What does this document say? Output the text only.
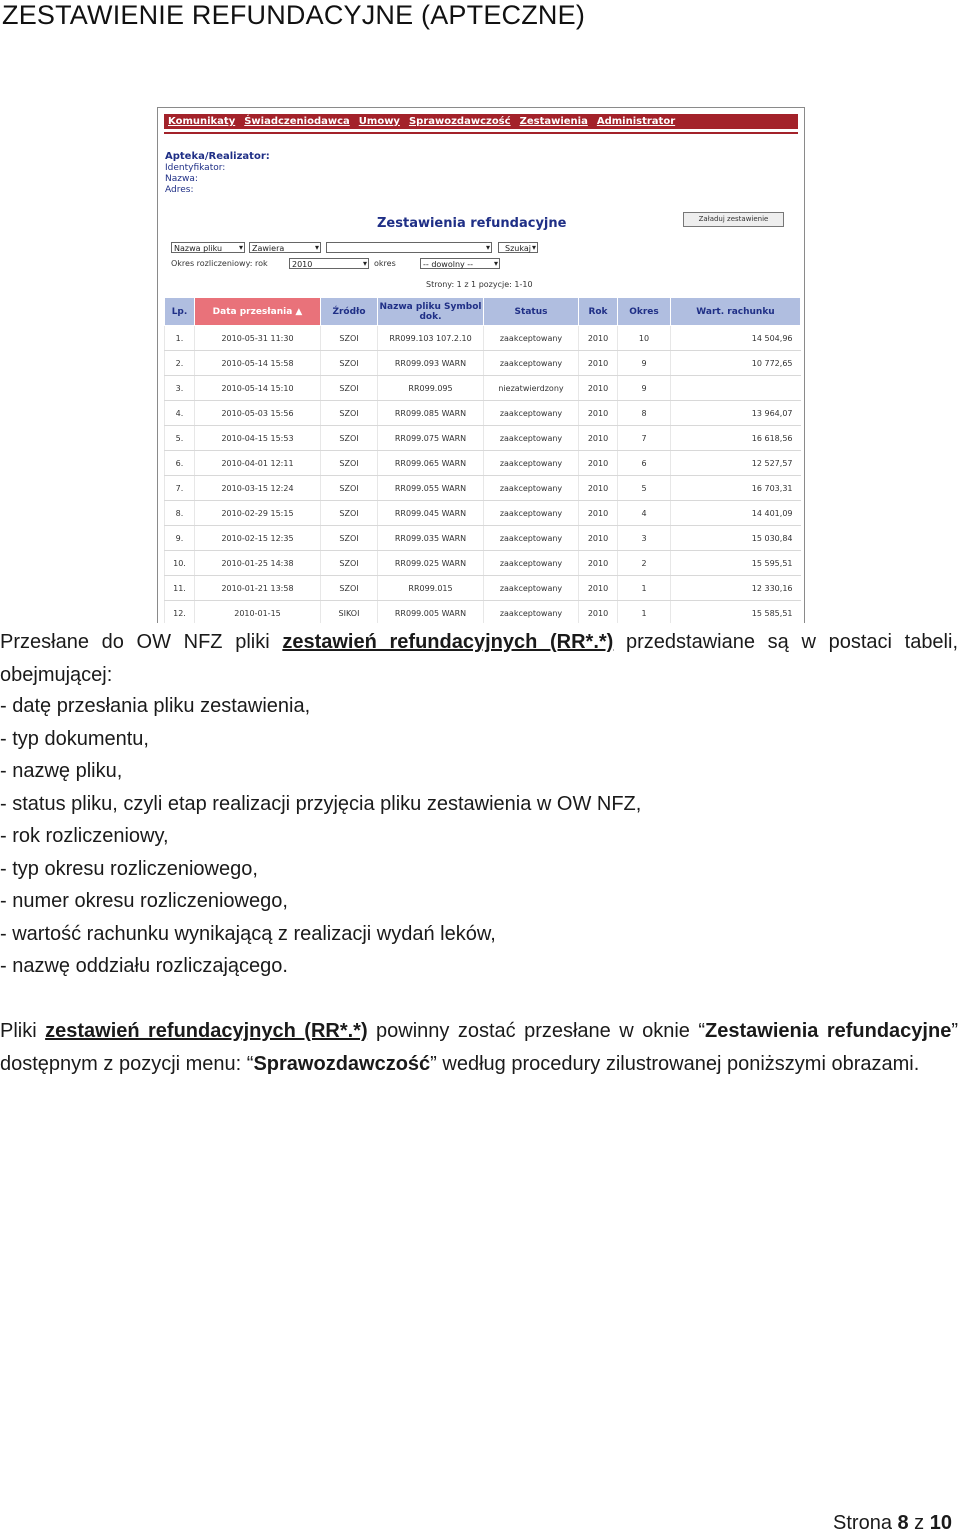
ZESTAWIENIE REFUNDACYJNE (APTECZNE)
Komunikaty Świadczeniodawca Umowy Sprawozdawczość Zestawienia Administrator
Apteka/Realizator:
Identyfikator:
Nazwa:
Adres:
Zestawienia refundacyjne	Załaduj zestawienie
Nazwa pliku ▾	Zawiera ▾ ▾	Szukaj ▾
Okres rozliczeniowy: rok	2010 ▾	okres	-- dowolny -- ▾
Strony: 1 z 1 pozycje: 1-10
Lp.	Data przesłania ▲	Źródło	Nazwa pliku Symbol dok.	Status	Rok	Okres	Wart. rachunku
1.	2010-05-31 11:30	SZOI	RR099.103 107.2.10	zaakceptowany	2010	10	14 504,96
2.	2010-05-14 15:58	SZOI	RR099.093 WARN	zaakceptowany	2010	9	10 772,65
3.	2010-05-14 15:10	SZOI	RR099.095	niezatwierdzony	2010	9	
4.	2010-05-03 15:56	SZOI	RR099.085 WARN	zaakceptowany	2010	8	13 964,07
5.	2010-04-15 15:53	SZOI	RR099.075 WARN	zaakceptowany	2010	7	16 618,56
6.	2010-04-01 12:11	SZOI	RR099.065 WARN	zaakceptowany	2010	6	12 527,57
7.	2010-03-15 12:24	SZOI	RR099.055 WARN	zaakceptowany	2010	5	16 703,31
8.	2010-02-29 15:15	SZOI	RR099.045 WARN	zaakceptowany	2010	4	14 401,09
9.	2010-02-15 12:35	SZOI	RR099.035 WARN	zaakceptowany	2010	3	15 030,84
10.	2010-01-25 14:38	SZOI	RR099.025 WARN	zaakceptowany	2010	2	15 595,51
11.	2010-01-21 13:58	SZOI	RR099.015	zaakceptowany	2010	1	12 330,16
12.	2010-01-15	SIKOI	RR099.005 WARN	zaakceptowany	2010	1	15 585,51
Przesłane do OW NFZ pliki zestawień refundacyjnych (RR*.*) przedstawiane są w postaci tabeli, obejmującej:
- datę przesłania pliku zestawienia,
- typ dokumentu,
- nazwę pliku,
- status pliku, czyli etap realizacji przyjęcia pliku zestawienia w OW NFZ,
- rok rozliczeniowy,
- typ okresu rozliczeniowego,
- numer okresu rozliczeniowego,
- wartość rachunku wynikającą z realizacji wydań leków,
- nazwę oddziału rozliczającego.
Pliki zestawień refundacyjnych (RR*.*) powinny zostać przesłane w oknie “Zestawienia refundacyjne” dostępnym z pozycji menu: “Sprawozdawczość” według procedury zilustrowanej poniższymi obrazami.
Strona 8 z 10
